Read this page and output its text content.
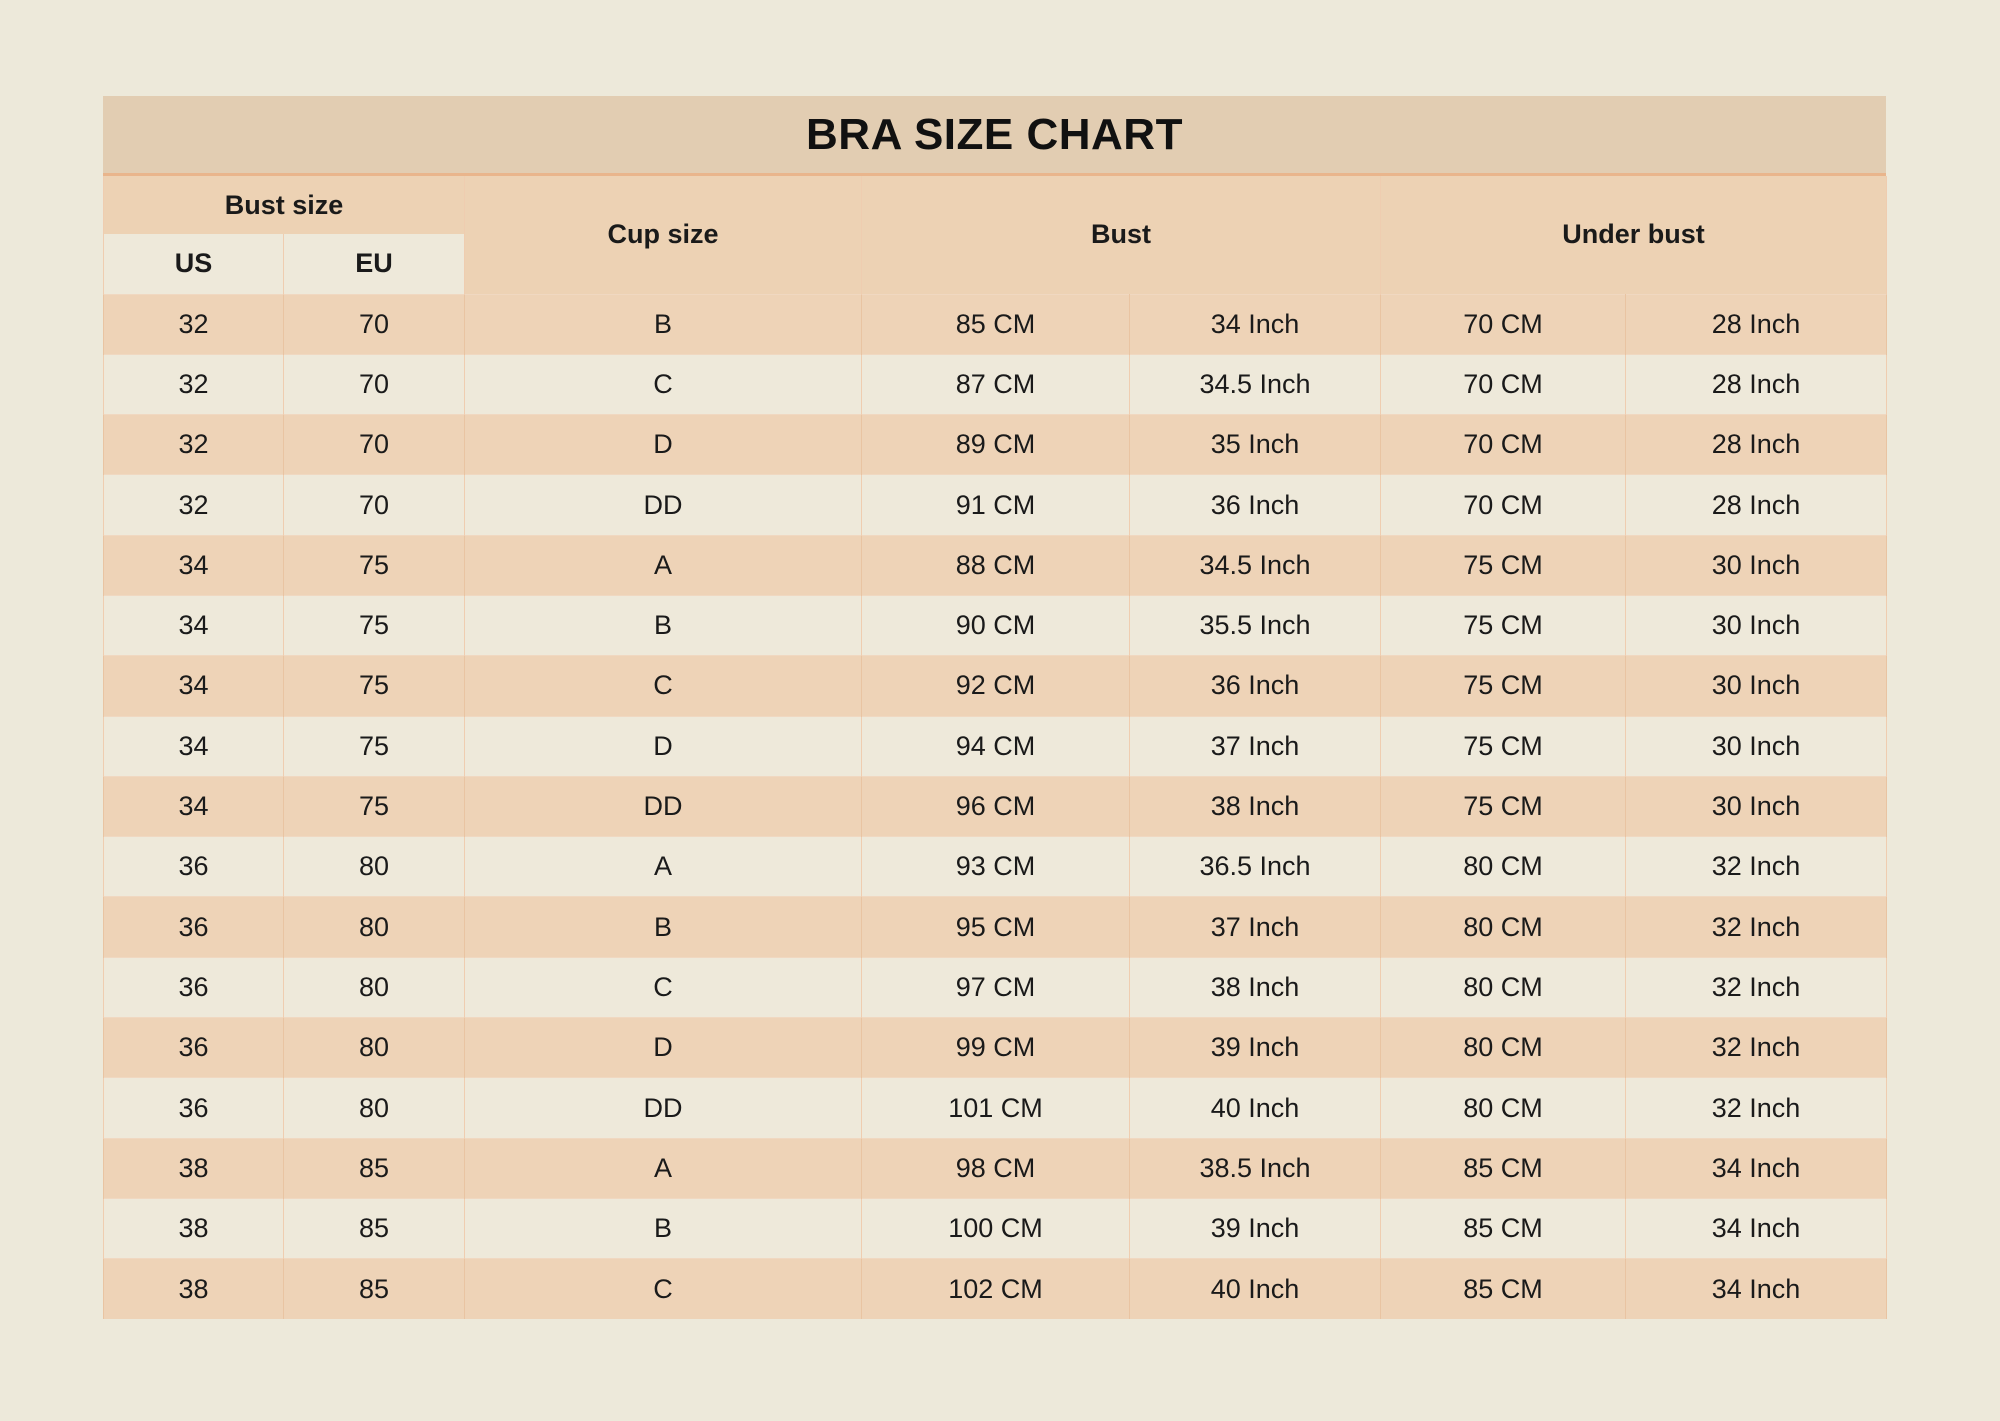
BRA SIZE CHART
Bust size		Cup size	Bust		Under bust	
US	EU					
32	70	B	85 CM	34 Inch	70 CM	28 Inch
32	70	C	87 CM	34.5 Inch	70 CM	28 Inch
32	70	D	89 CM	35 Inch	70 CM	28 Inch
32	70	DD	91 CM	36 Inch	70 CM	28 Inch
34	75	A	88 CM	34.5 Inch	75 CM	30 Inch
34	75	B	90 CM	35.5 Inch	75 CM	30 Inch
34	75	C	92 CM	36 Inch	75 CM	30 Inch
34	75	D	94 CM	37 Inch	75 CM	30 Inch
34	75	DD	96 CM	38 Inch	75 CM	30 Inch
36	80	A	93 CM	36.5 Inch	80 CM	32 Inch
36	80	B	95 CM	37 Inch	80 CM	32 Inch
36	80	C	97 CM	38 Inch	80 CM	32 Inch
36	80	D	99 CM	39 Inch	80 CM	32 Inch
36	80	DD	101 CM	40 Inch	80 CM	32 Inch
38	85	A	98 CM	38.5 Inch	85 CM	34 Inch
38	85	B	100 CM	39 Inch	85 CM	34 Inch
38	85	C	102 CM	40 Inch	85 CM	34 Inch
